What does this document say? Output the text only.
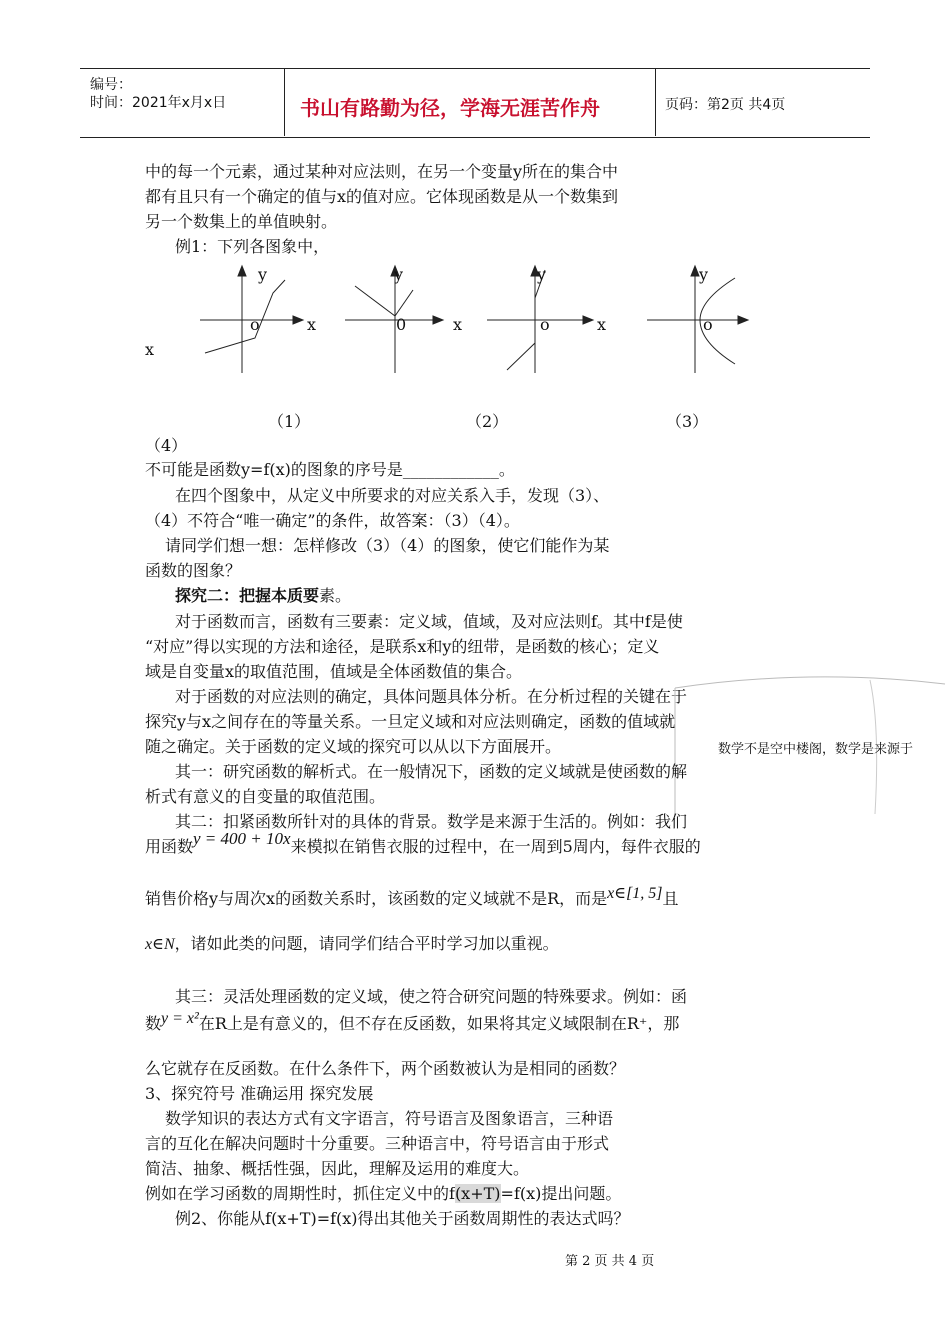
编号：
时间：2021年x月x日	书山有路勤为径，学海无涯苦作舟	页码：第2页 共4页
中的每一个元素，通过某种对应法则，在另一个变量y所在的集合中
都有且只有一个确定的值与x的值对应。它体现函数是从一个数集到
另一个数集上的单值映射。
例1：下列各图象中，
y
o	x
y
0	x
y
o	x
y
o
x
（1）	（2）	（3）
（4）
不可能是函数y=f(x)的图象的序号是____________。
在四个图象中，从定义中所要求的对应关系入手，发现（3）、
（4）不符合“唯一确定”的条件，故答案：（3）（4）。
请同学们想一想：怎样修改（3）（4）的图象，使它们能作为某
函数的图象？
探究二：把握本质要素。
对于函数而言，函数有三要素：定义域，值域，及对应法则f。其中f是使
“对应”得以实现的方法和途径，是联系x和y的纽带，是函数的核心；定义
域是自变量x的取值范围，值域是全体函数值的集合。
对于函数的对应法则的确定，具体问题具体分析。在分析过程的关键在于
探究y与x之间存在的等量关系。一旦定义域和对应法则确定，函数的值域就
随之确定。关于函数的定义域的探究可以从以下方面展开。	数学不是空中楼阁，数学是来源于
其一：研究函数的解析式。在一般情况下，函数的定义域就是使函数的解
析式有意义的自变量的取值范围。
其二：扣紧函数所针对的具体的背景。数学是来源于生活的。例如：我们
用函数y = 400 + 10x来模拟在销售衣服的过程中，在一周到5周内，每件衣服的
销售价格y与周次x的函数关系时，该函数的定义域就不是R，而是x∈[1, 5]且
x∈N，诸如此类的问题，请同学们结合平时学习加以重视。
其三：灵活处理函数的定义域，使之符合研究问题的特殊要求。例如：函
数y = x²在R上是有意义的，但不存在反函数，如果将其定义域限制在R⁺，那
么它就存在反函数。在什么条件下，两个函数被认为是相同的函数？
3、探究符号 准确运用 探究发展
数学知识的表达方式有文字语言，符号语言及图象语言，三种语
言的互化在解决问题时十分重要。三种语言中，符号语言由于形式
简洁、抽象、概括性强，因此，理解及运用的难度大。
例如在学习函数的周期性时，抓住定义中的f(x+T)=f(x)提出问题。
例2、你能从f(x+T)=f(x)得出其他关于函数周期性的表达式吗？
第 2 页 共 4 页
